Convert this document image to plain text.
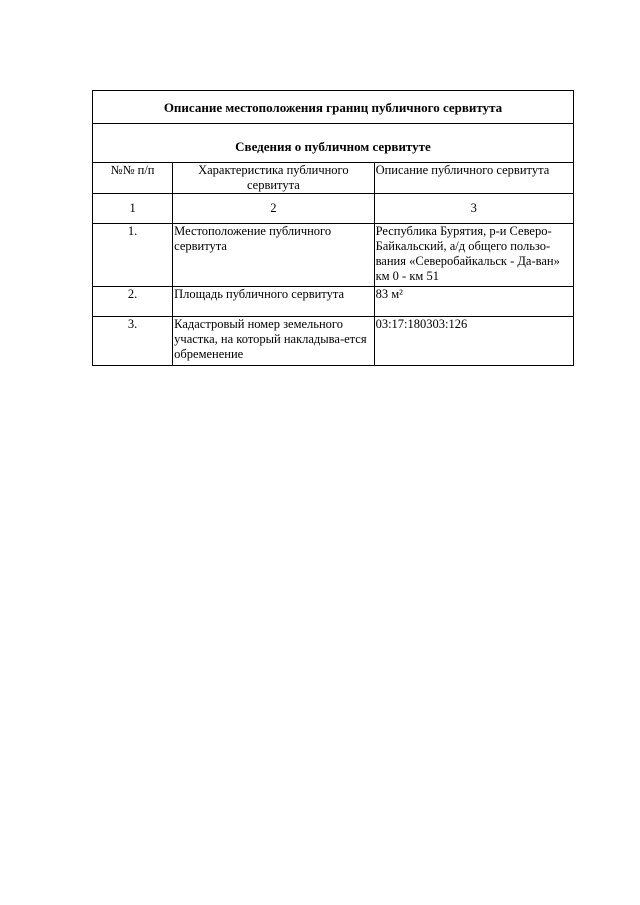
Описание местоположения границ публичного сервитута		
Сведения о публичном сервитуте		
№№ п/п	Характеристика публичного сервитута	Описание публичного сервитута
1	2	3
1.	Местоположение публичного сервитута	Республика Бурятия, р-и Северо-Байкальский, а/д общего пользо-вания «Северобайкальск - Да-ван» км 0 - км 51
2.	Площадь публичного сервитута	83 м²
3.	Кадастровый номер земельного участка, на который накладыва-ется обременение	03:17:180303:126
